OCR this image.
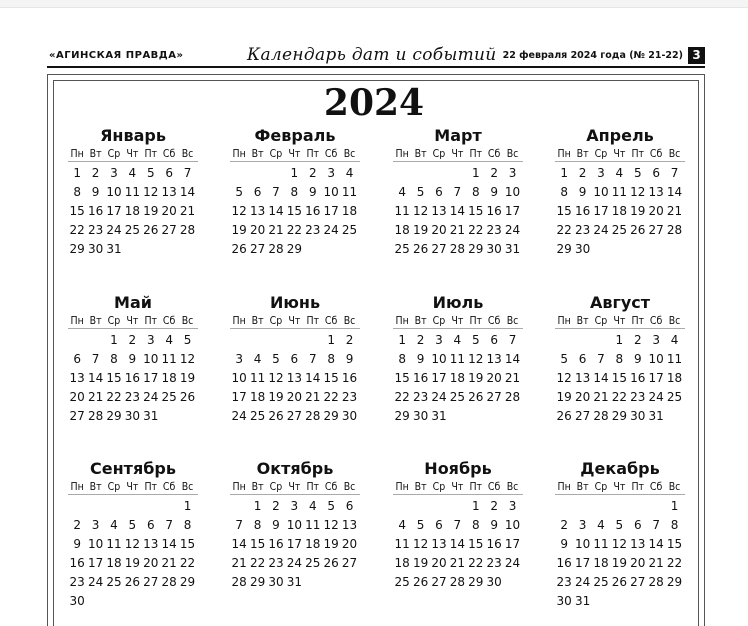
«АГИНСКАЯ ПРАВДА»	Календарь дат и событий 22 февраля 2024 года (№ 21-22) 3
2024
Январь
Пн Вт Ср Чт Пт Сб Вс
1 2 3 4 5 6 7
8 9 10 11 12 13 14
15 16 17 18 19 20 21
22 23 24 25 26 27 28
29 30 31
Февраль
Пн Вт Ср Чт Пт Сб Вс
1 2 3 4
5 6 7 8 9 10 11
12 13 14 15 16 17 18
19 20 21 22 23 24 25
26 27 28 29
Март
Пн Вт Ср Чт Пт Сб Вс
1 2 3
4 5 6 7 8 9 10
11 12 13 14 15 16 17
18 19 20 21 22 23 24
25 26 27 28 29 30 31
Апрель
Пн Вт Ср Чт Пт Сб Вс
1 2 3 4 5 6 7
8 9 10 11 12 13 14
15 16 17 18 19 20 21
22 23 24 25 26 27 28
29 30
Май
Пн Вт Ср Чт Пт Сб Вс
1 2 3 4 5
6 7 8 9 10 11 12
13 14 15 16 17 18 19
20 21 22 23 24 25 26
27 28 29 30 31
Июнь
Пн Вт Ср Чт Пт Сб Вс
1 2
3 4 5 6 7 8 9
10 11 12 13 14 15 16
17 18 19 20 21 22 23
24 25 26 27 28 29 30
Июль
Пн Вт Ср Чт Пт Сб Вс
1 2 3 4 5 6 7
8 9 10 11 12 13 14
15 16 17 18 19 20 21
22 23 24 25 26 27 28
29 30 31
Август
Пн Вт Ср Чт Пт Сб Вс
1 2 3 4
5 6 7 8 9 10 11
12 13 14 15 16 17 18
19 20 21 22 23 24 25
26 27 28 29 30 31
Сентябрь
Пн Вт Ср Чт Пт Сб Вс
1
2 3 4 5 6 7 8
9 10 11 12 13 14 15
16 17 18 19 20 21 22
23 24 25 26 27 28 29
30
Октябрь
Пн Вт Ср Чт Пт Сб Вс
1 2 3 4 5 6
7 8 9 10 11 12 13
14 15 16 17 18 19 20
21 22 23 24 25 26 27
28 29 30 31
Ноябрь
Пн Вт Ср Чт Пт Сб Вс
1 2 3
4 5 6 7 8 9 10
11 12 13 14 15 16 17
18 19 20 21 22 23 24
25 26 27 28 29 30
Декабрь
Пн Вт Ср Чт Пт Сб Вс
1
2 3 4 5 6 7 8
9 10 11 12 13 14 15
16 17 18 19 20 21 22
23 24 25 26 27 28 29
30 31
